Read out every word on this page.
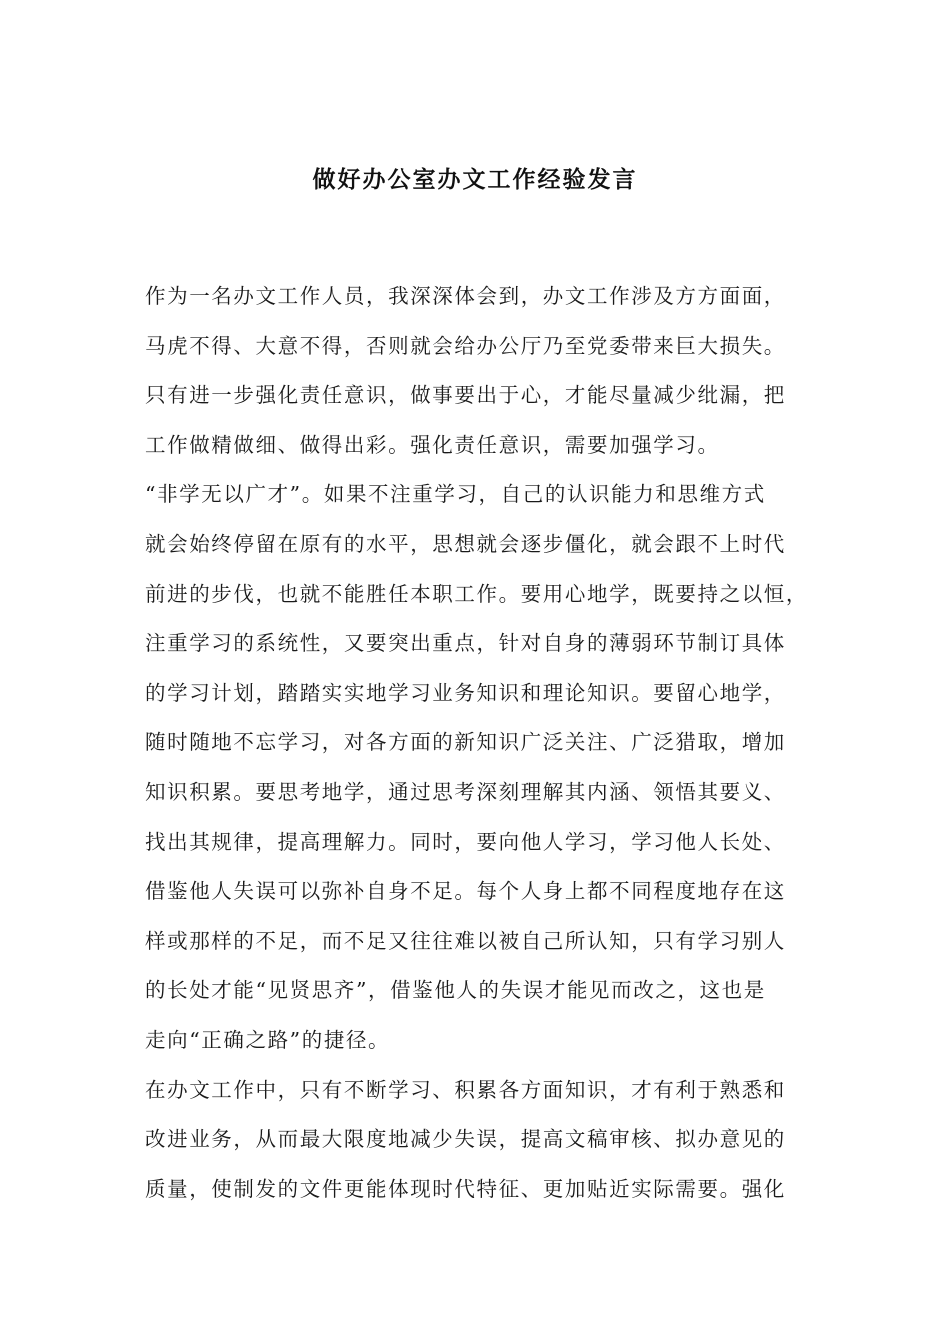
做好办公室办文工作经验发言
作为一名办文工作人员，我深深体会到，办文工作涉及方方面面，
马虎不得、大意不得，否则就会给办公厅乃至党委带来巨大损失。
只有进一步强化责任意识，做事要出于心，才能尽量减少纰漏，把
工作做精做细、做得出彩。强化责任意识，需要加强学习。
“非学无以广才”。如果不注重学习，自己的认识能力和思维方式
就会始终停留在原有的水平，思想就会逐步僵化，就会跟不上时代
前进的步伐，也就不能胜任本职工作。要用心地学，既要持之以恒，
注重学习的系统性，又要突出重点，针对自身的薄弱环节制订具体
的学习计划，踏踏实实地学习业务知识和理论知识。要留心地学，
随时随地不忘学习，对各方面的新知识广泛关注、广泛猎取，增加
知识积累。要思考地学，通过思考深刻理解其内涵、领悟其要义、
找出其规律，提高理解力。同时，要向他人学习，学习他人长处、
借鉴他人失误可以弥补自身不足。每个人身上都不同程度地存在这
样或那样的不足，而不足又往往难以被自己所认知，只有学习别人
的长处才能“见贤思齐”，借鉴他人的失误才能见而改之，这也是
走向“正确之路”的捷径。
在办文工作中，只有不断学习、积累各方面知识，才有利于熟悉和
改进业务，从而最大限度地减少失误，提高文稿审核、拟办意见的
质量，使制发的文件更能体现时代特征、更加贴近实际需要。强化
